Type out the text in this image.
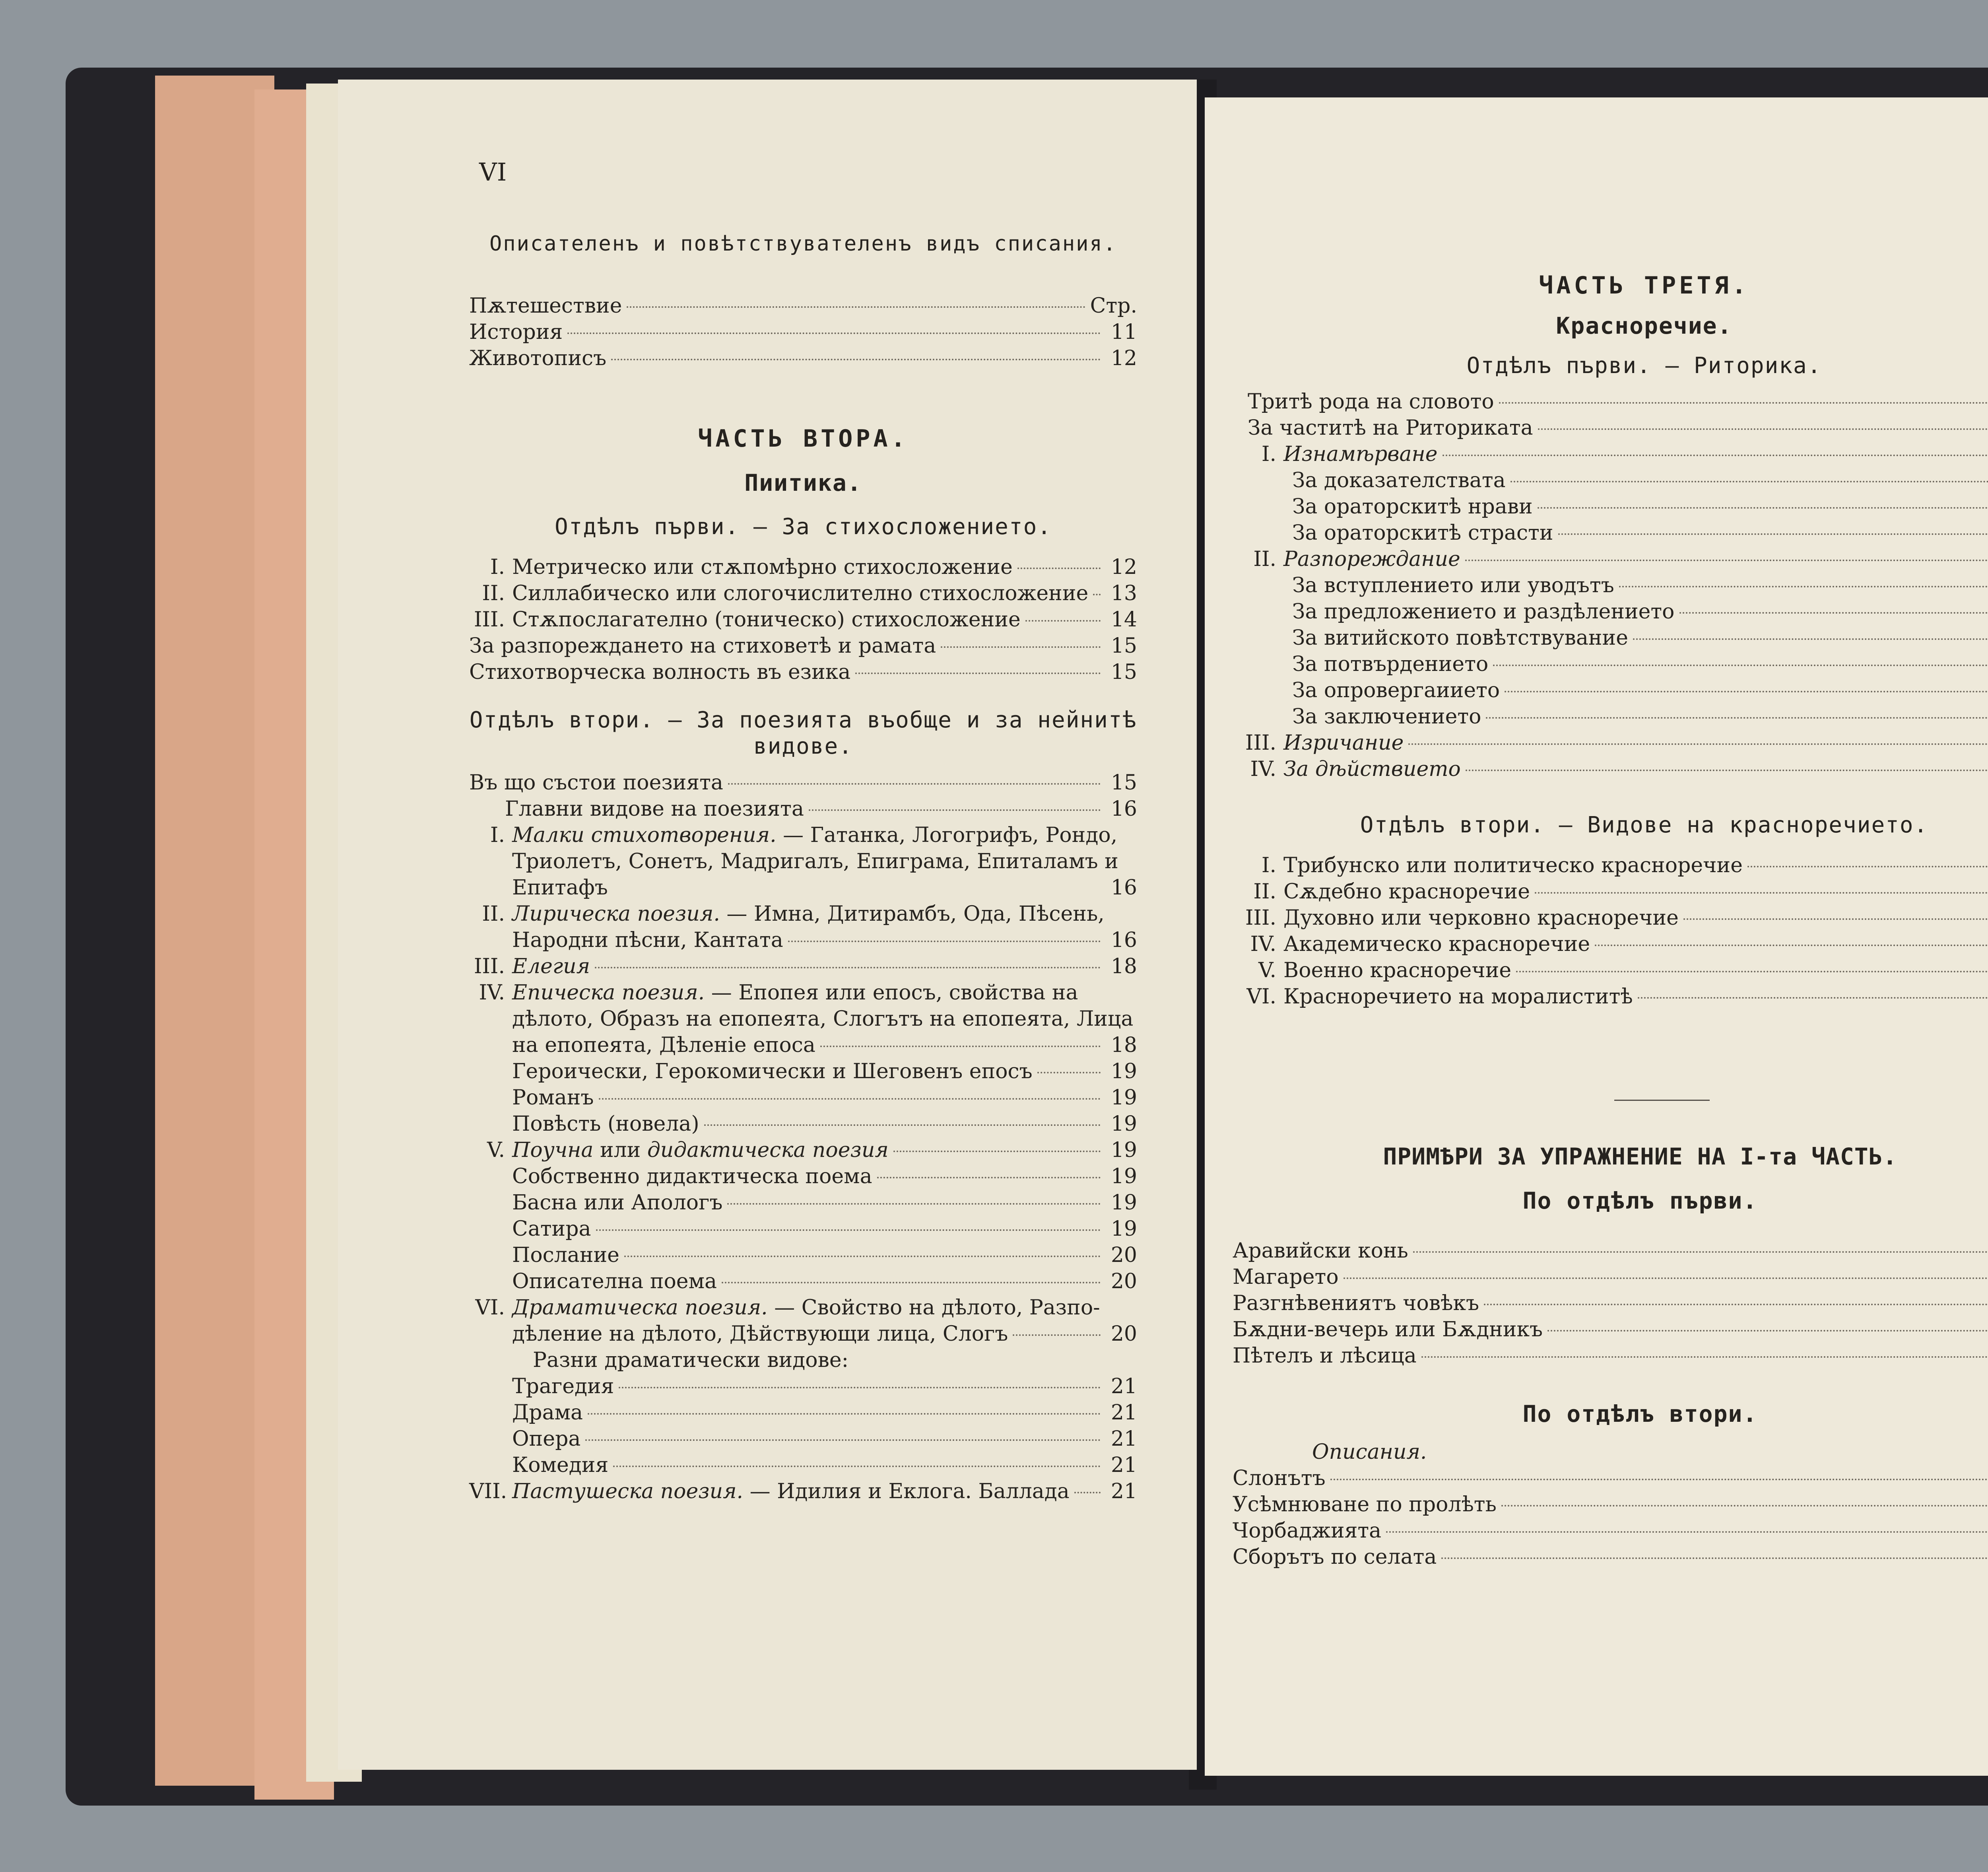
VI
Описателенъ и повѣтствувателенъ видъ списания.
Пѫтешествие	Стр.
История	11
Животописъ	12
ЧАСТЬ ВТОРА.
Пиитика.
Отдѣлъ първи. — За стихосложението.
I. Метрическо или стѫпомѣрно стихосложение	12
II. Силлабическо или слогочислително стихосложение 13
III. Стѫпослагателно (тоническо) стихосложение	14
За разпореждането на стиховетѣ и рамата	15
Стихотворческа волность въ езика	15
Отдѣлъ втори. — За поезията въобще и за нейнитѣ
видове.
Въ що състои поезията	15
Главни видове на поезията	16
I. Малки стихотворения. — Гатанка, Логогрифъ, Рондо,
Триолетъ, Сонетъ, Мадригалъ, Епиграма, Епиталамъ и
Епитафъ	16
II. Лирическа поезия. — Имна, Дитирамбъ, Ода, Пѣсень,
Народни пѣсни, Кантата	16
III. Елегия	18
IV. Епическа поезия. — Епопея или епосъ, свойства на
дѣлото, Образъ на епопеята, Слогътъ на епопеята, Лица
на епопеята, Дѣленіе епоса	18
Героически, Герокомически и Шеговенъ епосъ	19
Романъ	19
Повѣсть (новела)	19
V. Поучна или дидактическа поезия	19
Собственно дидактическа поема	19
Басна или Апологъ	19
Сатира	19
Послание	20
Описателна поема	20
VI. Драматическа поезия. — Свойство на дѣлото, Разпо-
дѣление на дѣлото, Дѣйствующи лица, Слогъ	20
Разни драматически видове:
Трагедия	21
Драма	21
Опера	21
Комедия	21
VII. Пастушеска поезия. — Идилия и Еклога. Баллада 21
ЧАСТЬ ТРЕТЯ.
Красноречие.
Отдѣлъ първи. — Риторика.
Тритѣ рода на словото
За частитѣ на Риториката
I. Изнамѣрване
За доказателствата
За ораторскитѣ нрави
За ораторскитѣ страсти
II. Разпореждание
За вступлението или уводътъ
За предложението и раздѣлението
За витийското повѣтствувание
За потвърдението
За опровергаиието
За заключението
III. Изричание
IV. За дѣйствието
Отдѣлъ втори. — Видове на красноречието.
I. Трибунско или политическо красноречие
II. Сѫдебно красноречие
III. Духовно или черковно красноречие
IV. Академическо красноречие
V. Военно красноречие
VI. Красноречието на моралиститѣ
ПРИМѢРИ ЗА УПРАЖНЕНИЕ НА I-та ЧАСТЬ.
По отдѣлъ първи.
Аравийски конь
Магарето
Разгнѣвениятъ човѣкъ
Бѫдни-вечерь или Бѫдникъ
Пѣтелъ и лѣсица
По отдѣлъ втори.
Описания.
Слонътъ
Усѣмнюване по пролѣть
Чорбаджията
Сборътъ по селата
